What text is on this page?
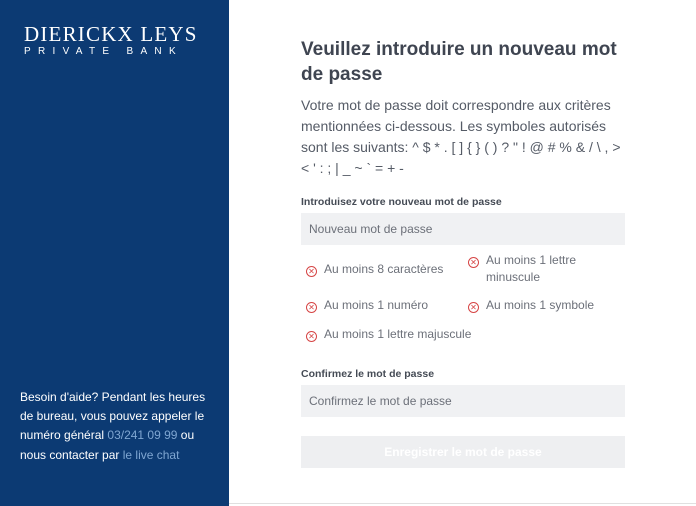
DIERICKX LEYS
PRIVATE BANK
Besoin d'aide? Pendant les heures de bureau, vous pouvez appeler le numéro général 03/241 09 99 ou nous contacter par le live chat
Veuillez introduire un nouveau mot de passe
Votre mot de passe doit correspondre aux critères mentionnées ci-dessous. Les symboles autorisés sont les suivants: ^ $ * . [ ] { } ( ) ? " ! @ # % & / \ , > < ' : ; | _ ~ ` = + -
Introduisez votre nouveau mot de passe
✕ Au moins 8 caractères	✕ Au moins 1 lettre minuscule
✕ Au moins 1 numéro	✕ Au moins 1 symbole
✕ Au moins 1 lettre majuscule
Confirmez le mot de passe
Enregistrer le mot de passe
